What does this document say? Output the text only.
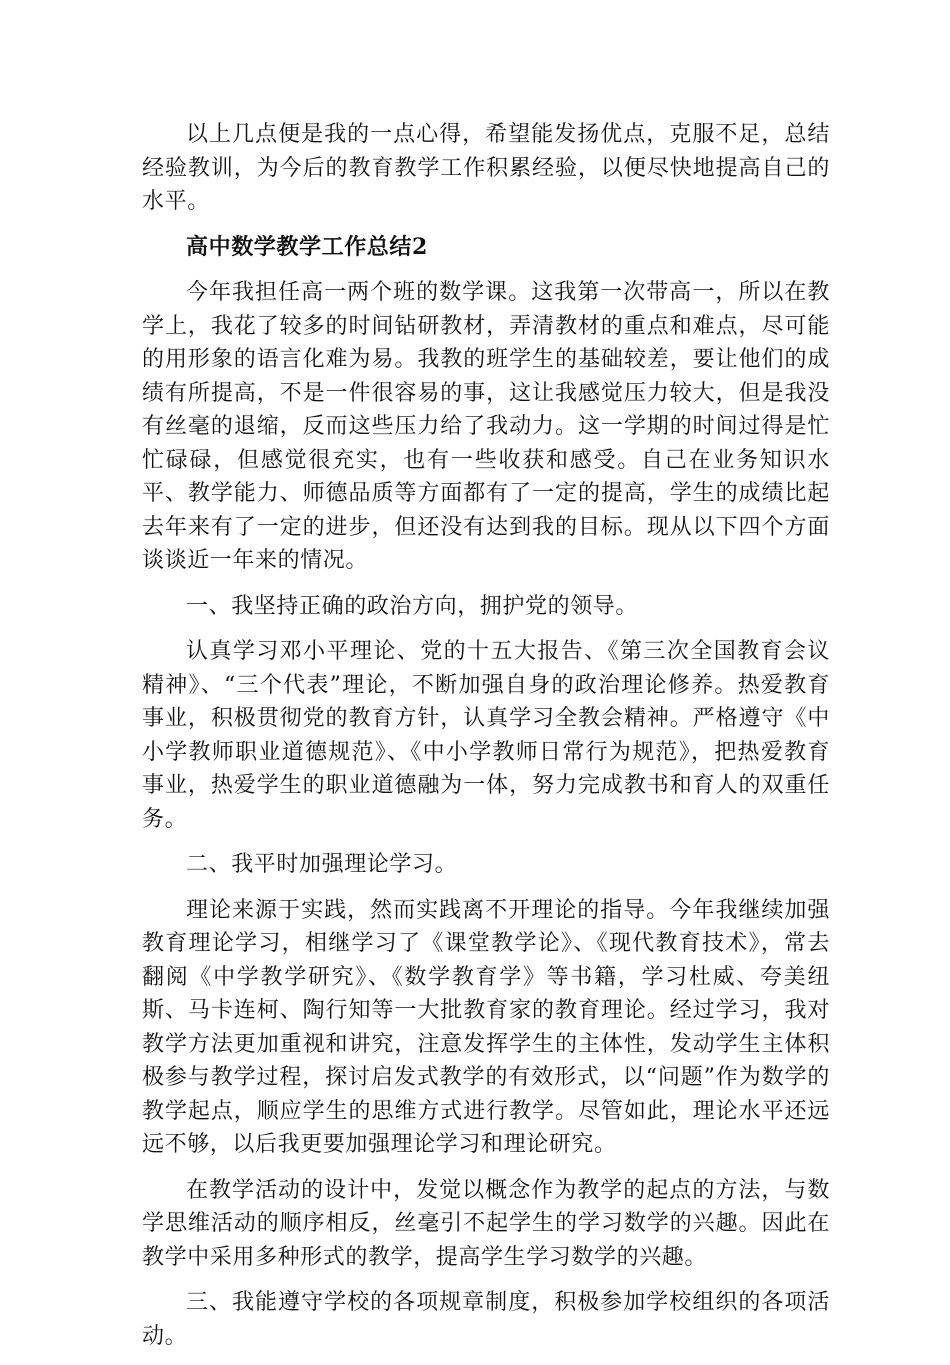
以上几点便是我的一点心得，希望能发扬优点，克服不足，总结经验教训，为今后的教育教学工作积累经验，以便尽快地提高自己的水平。

高中数学教学工作总结2

今年我担任高一两个班的数学课。这我第一次带高一，所以在教学上，我花了较多的时间钻研教材，弄清教材的重点和难点，尽可能的用形象的语言化难为易。我教的班学生的基础较差，要让他们的成绩有所提高，不是一件很容易的事，这让我感觉压力较大，但是我没有丝毫的退缩，反而这些压力给了我动力。这一学期的时间过得是忙忙碌碌，但感觉很充实，也有一些收获和感受。自己在业务知识水平、教学能力、师德品质等方面都有了一定的提高，学生的成绩比起去年来有了一定的进步，但还没有达到我的目标。现从以下四个方面谈谈近一年来的情况。

一、我坚持正确的政治方向，拥护党的领导。

认真学习邓小平理论、党的十五大报告、《第三次全国教育会议精神》、“三个代表”理论，不断加强自身的政治理论修养。热爱教育事业，积极贯彻党的教育方针，认真学习全教会精神。严格遵守《中小学教师职业道德规范》、《中小学教师日常行为规范》，把热爱教育事业，热爱学生的职业道德融为一体，努力完成教书和育人的双重任务。

二、我平时加强理论学习。

理论来源于实践，然而实践离不开理论的指导。今年我继续加强教育理论学习，相继学习了《课堂教学论》、《现代教育技术》，常去翻阅《中学教学研究》、《数学教育学》等书籍，学习杜威、夸美纽斯、马卡连柯、陶行知等一大批教育家的教育理论。经过学习，我对教学方法更加重视和讲究，注意发挥学生的主体性，发动学生主体积极参与教学过程，探讨启发式教学的有效形式，以“问题”作为数学的教学起点，顺应学生的思维方式进行教学。尽管如此，理论水平还远远不够，以后我更要加强理论学习和理论研究。

在教学活动的设计中，发觉以概念作为教学的起点的方法，与数学思维活动的顺序相反，丝毫引不起学生的学习数学的兴趣。因此在教学中采用多种形式的教学，提高学生学习数学的兴趣。

三、我能遵守学校的各项规章制度，积极参加学校组织的各项活动。
